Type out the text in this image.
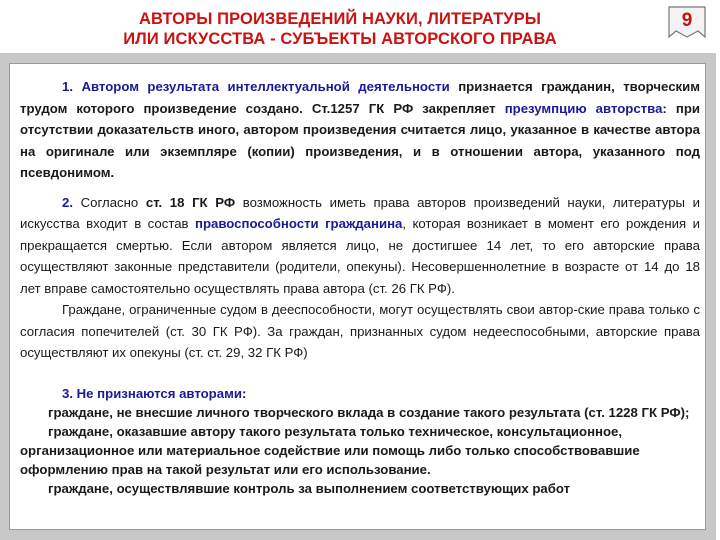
АВТОРЫ ПРОИЗВЕДЕНИЙ НАУКИ, ЛИТЕРАТУРЫ
ИЛИ ИСКУССТВА - СУБЪЕКТЫ АВТОРСКОГО ПРАВА
9

1. Автором результата интеллектуальной деятельности признается гражданин, творческим трудом которого произведение создано. Ст.1257 ГК РФ закрепляет презумпцию авторства: при отсутствии доказательств иного, автором произведения считается лицо, указанное в качестве автора на оригинале или экземпляре (копии) произведения, и в отношении автора, указанного под псевдонимом.

2. Согласно ст. 18 ГК РФ возможность иметь права авторов произведений науки, литературы и искусства входит в состав правоспособности гражданина, которая возникает в момент его рождения и прекращается смертью. Если автором является лицо, не достигшее 14 лет, то его авторские права осуществляют законные представители (родители, опекуны). Несовершеннолетние в возрасте от 14 до 18 лет вправе самостоятельно осуществлять права автора (ст. 26 ГК РФ).

Граждане, ограниченные судом в дееспособности, могут осуществлять свои автор-ские права только с согласия попечителей (ст. 30 ГК РФ). За граждан, признанных судом недееспособными, авторские права осуществляют их опекуны (ст. ст. 29, 32 ГК РФ)

3. Не признаются авторами:
граждане, не внесшие личного творческого вклада в создание такого результата (ст. 1228 ГК РФ);
граждане, оказавшие автору такого результата только техническое, консультационное, организационное или материальное содействие или помощь либо только способствовавшие оформлению прав на такой результат или его использование.
граждане, осуществлявшие контроль за выполнением соответствующих работ
